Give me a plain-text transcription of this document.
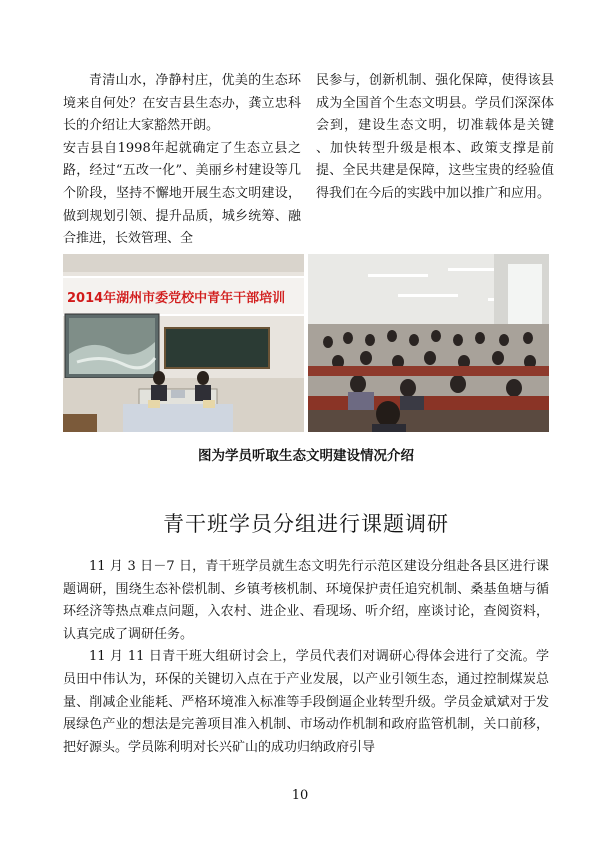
青清山水，净静村庄，优美的生态环境来自何处？在安吉县生态办，龚立忠科长的介绍让大家豁然开朗。

安吉县自1998年起就确定了生态立县之路，经过“五改一化”、美丽乡村建设等几个阶段，坚持不懈地开展生态文明建设，做到规划引领、提升品质，城乡统筹、融合推进，长效管理、全

民参与，创新机制、强化保障，使得该县成为全国首个生态文明县。学员们深深体会到，建设生态文明，切准载体是关键 、加快转型升级是根本、政策支撑是前提、全民共建是保障，这些宝贵的经验值得我们在今后的实践中加以推广和应用。

2014年湖州市委党校中青年干部培训
图为学员听取生态文明建设情况介绍
青干班学员分组进行课题调研

11 月 3 日－7 日，青干班学员就生态文明先行示范区建设分组赴各县区进行课题调研，围绕生态补偿机制、乡镇考核机制、环境保护责任追究机制、桑基鱼塘与循环经济等热点难点问题，入农村、进企业、看现场、听介绍，座谈讨论，查阅资料，认真完成了调研任务。

11 月 11 日青干班大组研讨会上，学员代表们对调研心得体会进行了交流。学员田中伟认为，环保的关键切入点在于产业发展，以产业引领生态，通过控制煤炭总量、削减企业能耗、严格环境准入标准等手段倒逼企业转型升级。学员金斌斌对于发展绿色产业的想法是完善项目准入机制、市场动作机制和政府监管机制，关口前移，把好源头。学员陈利明对长兴矿山的成功归纳政府引导

10
